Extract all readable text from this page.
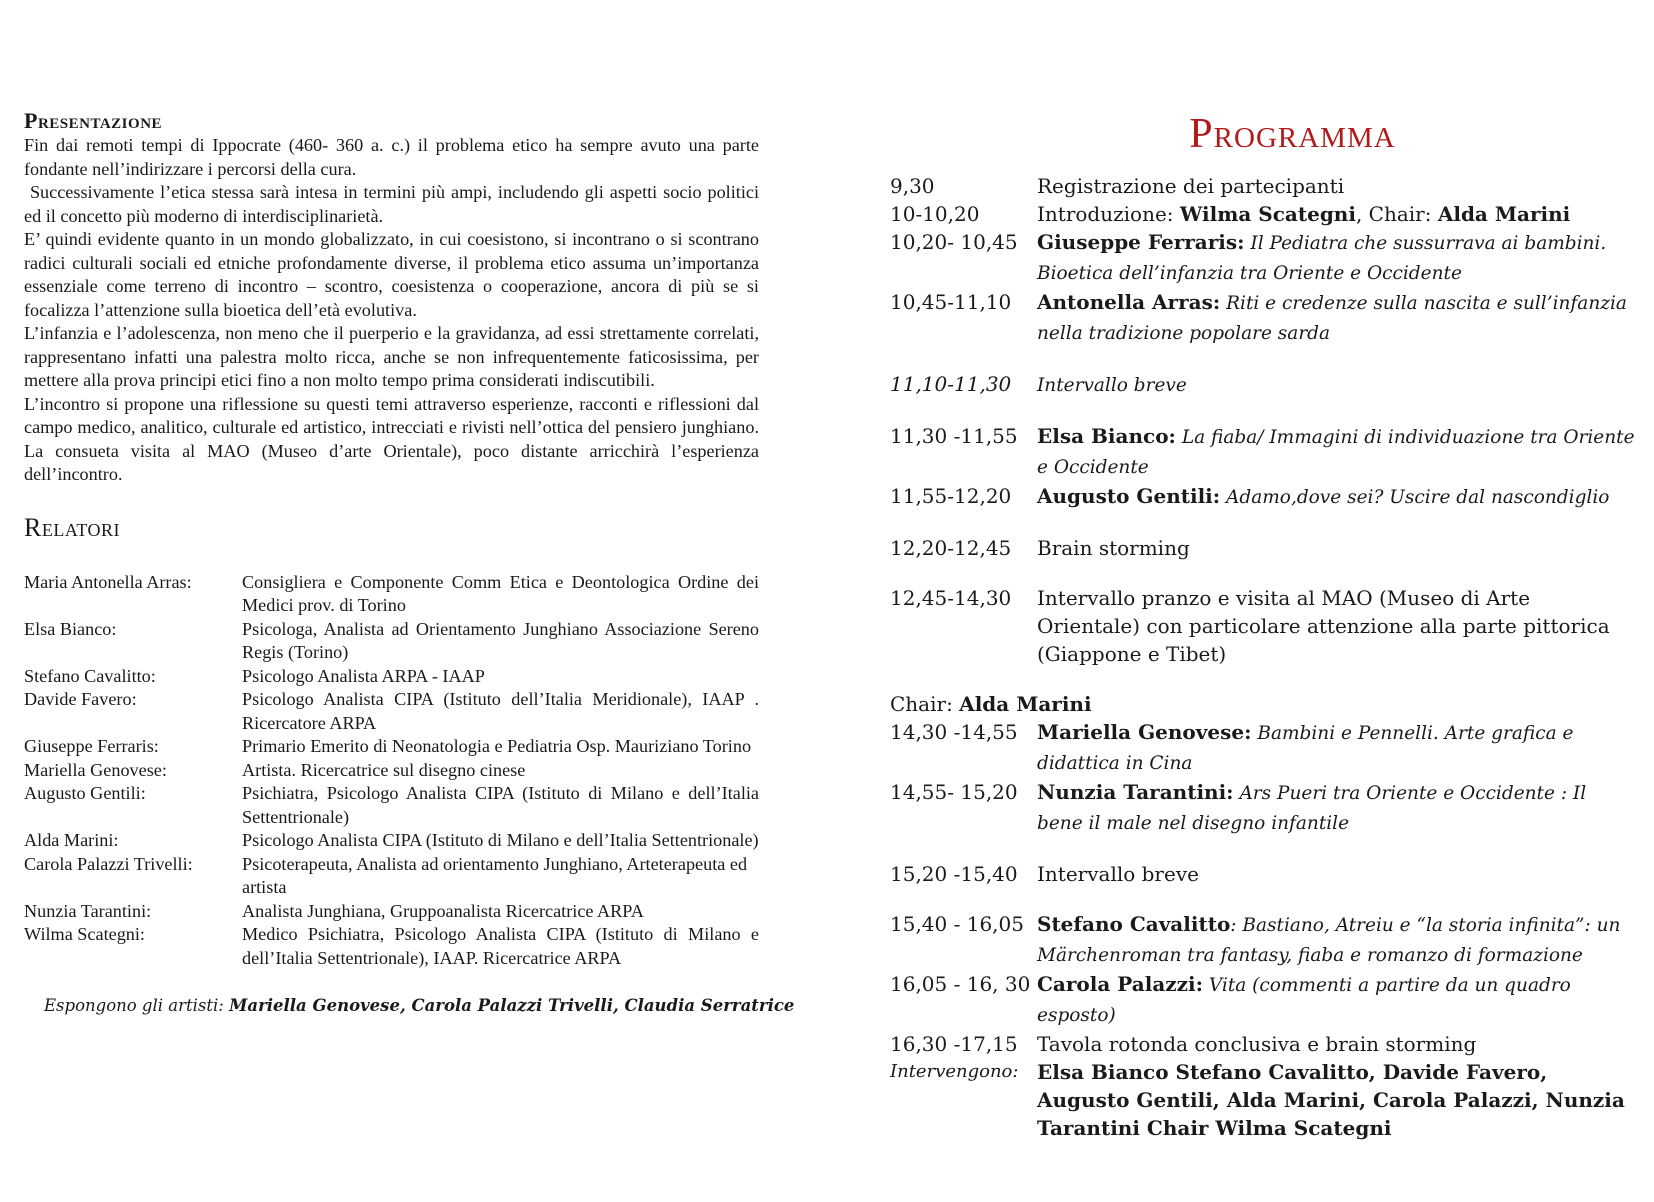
Presentazione

Fin dai remoti tempi di Ippocrate (460- 360 a. c.) il problema etico ha sempre avuto una parte fondante nell’indirizzare i percorsi della cura.

Successivamente l’etica stessa sarà intesa in termini più ampi, includendo gli aspetti socio politici ed il concetto più moderno di interdisciplinarietà.

E’ quindi evidente quanto in un mondo globalizzato, in cui coesistono, si incontrano o si scontrano radici culturali sociali ed etniche profondamente diverse, il problema etico assuma un’importanza essenziale come terreno di incontro – scontro, coesistenza o cooperazione, ancora di più se si focalizza l’attenzione sulla bioetica dell’età evolutiva.

L’infanzia e l’adolescenza, non meno che il puerperio e la gravidanza, ad essi strettamente correlati, rappresentano infatti una palestra molto ricca, anche se non infrequentemente faticosissima, per mettere alla prova principi etici fino a non molto tempo prima considerati indiscutibili.

L’incontro si propone una riflessione su questi temi attraverso esperienze, racconti e riflessioni dal campo medico, analitico, culturale ed artistico, intrecciati e rivisti nell’ottica del pensiero junghiano. La consueta visita al MAO (Museo d’arte Orientale), poco distante arricchirà l’esperienza dell’incontro.

Relatori
Maria Antonella Arras:	Consigliera e Componente Comm Etica e Deontologica Ordine dei Medici prov. di Torino
Elsa Bianco:	Psicologa, Analista ad Orientamento Junghiano Associazione Sereno Regis (Torino)
Stefano Cavalitto:	Psicologo Analista ARPA - IAAP
Davide Favero:	Psicologo Analista CIPA (Istituto dell’Italia Meridionale), IAAP . Ricercatore ARPA
Giuseppe Ferraris:	Primario Emerito di Neonatologia e Pediatria Osp. Mauriziano Torino
Mariella Genovese:	Artista. Ricercatrice sul disegno cinese
Augusto Gentili:	Psichiatra, Psicologo Analista CIPA (Istituto di Milano e dell’Italia Settentrionale)
Alda Marini:	Psicologo Analista CIPA (Istituto di Milano e dell’Italia Settentrionale)
Carola Palazzi Trivelli:	Psicoterapeuta, Analista ad orientamento Junghiano, Arteterapeuta ed artista
Nunzia Tarantini:	Analista Junghiana, Gruppoanalista Ricercatrice ARPA
Wilma Scategni:	Medico Psichiatra, Psicologo Analista CIPA (Istituto di Milano e dell’Italia Settentrionale), IAAP. Ricercatrice ARPA
Espongono gli artisti: Mariella Genovese, Carola Palazzi Trivelli, Claudia Serratrice
Programma
9,30	Registrazione dei partecipanti
10-10,20	Introduzione: Wilma Scategni, Chair: Alda Marini
10,20- 10,45	Giuseppe Ferraris: Il Pediatra che sussurrava ai bambini. Bioetica dell’infanzia tra Oriente e Occidente
10,45-11,10	Antonella Arras: Riti e credenze sulla nascita e sull’infanzia nella tradizione popolare sarda

11,10-11,30	Intervallo breve

11,30 -11,55	Elsa Bianco: La fiaba/ Immagini di individuazione tra Oriente e Occidente
11,55-12,20	Augusto Gentili: Adamo,dove sei? Uscire dal nascondiglio

12,20-12,45	Brain storming

12,45-14,30	Intervallo pranzo e visita al MAO (Museo di Arte Orientale) con particolare attenzione alla parte pittorica (Giappone e Tibet)

Chair: Alda Marini	
14,30 -14,55	Mariella Genovese: Bambini e Pennelli. Arte grafica e didattica in Cina
14,55- 15,20	Nunzia Tarantini: Ars Pueri tra Oriente e Occidente : Il bene il male nel disegno infantile

15,20 -15,40	Intervallo breve

15,40 - 16,05	Stefano Cavalitto: Bastiano, Atreiu e “la storia infinita”: un Märchenroman tra fantasy, fiaba e romanzo di formazione
16,05 - 16, 30	Carola Palazzi: Vita (commenti a partire da un quadro esposto)
16,30 -17,15	Tavola rotonda conclusiva e brain storming
Intervengono:	Elsa Bianco Stefano Cavalitto, Davide Favero, Augusto Gentili, Alda Marini, Carola Palazzi, Nunzia Tarantini Chair Wilma Scategni
